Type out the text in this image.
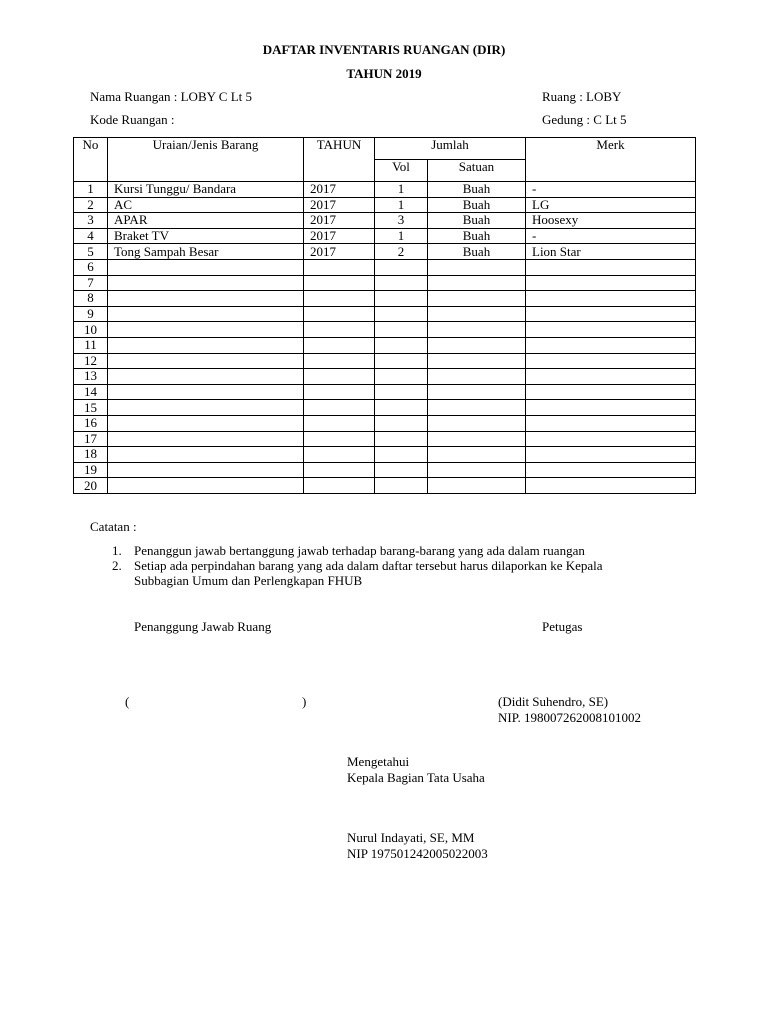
DAFTAR INVENTARIS RUANGAN (DIR)
TAHUN 2019
Nama Ruangan : LOBY C Lt 5
Kode Ruangan :
Ruang : LOBY
Gedung : C Lt 5
No	Uraian/Jenis Barang	TAHUN	Jumlah		Merk
			Vol	Satuan	
1	Kursi Tunggu/ Bandara	2017	1	Buah	-
2	AC	2017	1	Buah	LG
3	APAR	2017	3	Buah	Hoosexy
4	Braket TV	2017	1	Buah	-
5	Tong Sampah Besar	2017	2	Buah	Lion Star
6					
7					
8					
9					
10					
11					
12					
13					
14					
15					
16					
17					
18					
19					
20					
Catatan :
1. Penanggun jawab bertanggung jawab terhadap barang-barang yang ada dalam ruangan
2. Setiap ada perpindahan barang yang ada dalam daftar tersebut harus dilaporkan ke Kepala
Subbagian Umum dan Perlengkapan FHUB
Penanggung Jawab Ruang	Petugas
(	)	(Didit Suhendro, SE)
NIP. 198007262008101002
Mengetahui
Kepala Bagian Tata Usaha
Nurul Indayati, SE, MM
NIP 197501242005022003
